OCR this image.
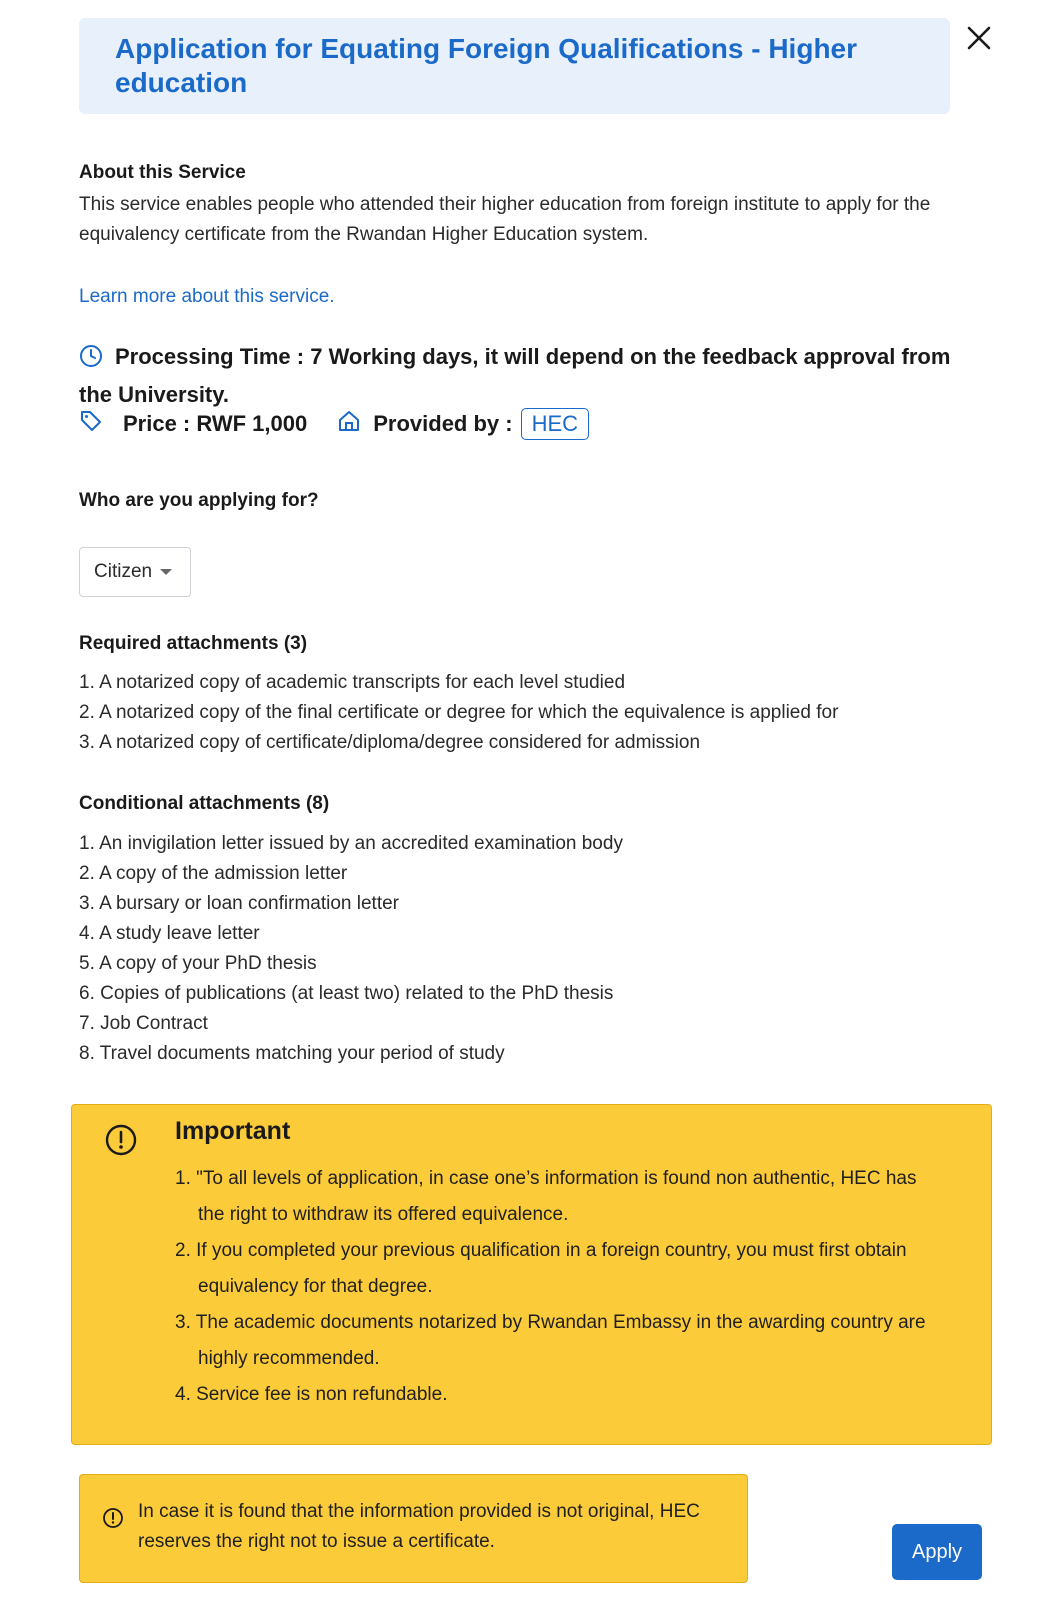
Application for Equating Foreign Qualifications - Higher education
About this Service
This service enables people who attended their higher education from foreign institute to apply for the equivalency certificate from the Rwandan Higher Education system.
Learn more about this service.
Processing Time : 7 Working days, it will depend on the feedback approval from the University.
Price : RWF 1,000	Provided by : HEC
Who are you applying for?
Citizen
Required attachments (3)
1. A notarized copy of academic transcripts for each level studied
2. A notarized copy of the final certificate or degree for which the equivalence is applied for
3. A notarized copy of certificate/diploma/degree considered for admission
Conditional attachments (8)
1. An invigilation letter issued by an accredited examination body
2. A copy of the admission letter
3. A bursary or loan confirmation letter
4. A study leave letter
5. A copy of your PhD thesis
6. Copies of publications (at least two) related to the PhD thesis
7. Job Contract
8. Travel documents matching your period of study
Important
1. "To all levels of application, in case one’s information is found non authentic, HEC has the right to withdraw its offered equivalence.
2. If you completed your previous qualification in a foreign country, you must first obtain equivalency for that degree.
3. The academic documents notarized by Rwandan Embassy in the awarding country are highly recommended.
4. Service fee is non refundable.

In case it is found that the information provided is not original, HEC reserves the right not to issue a certificate.	Apply
